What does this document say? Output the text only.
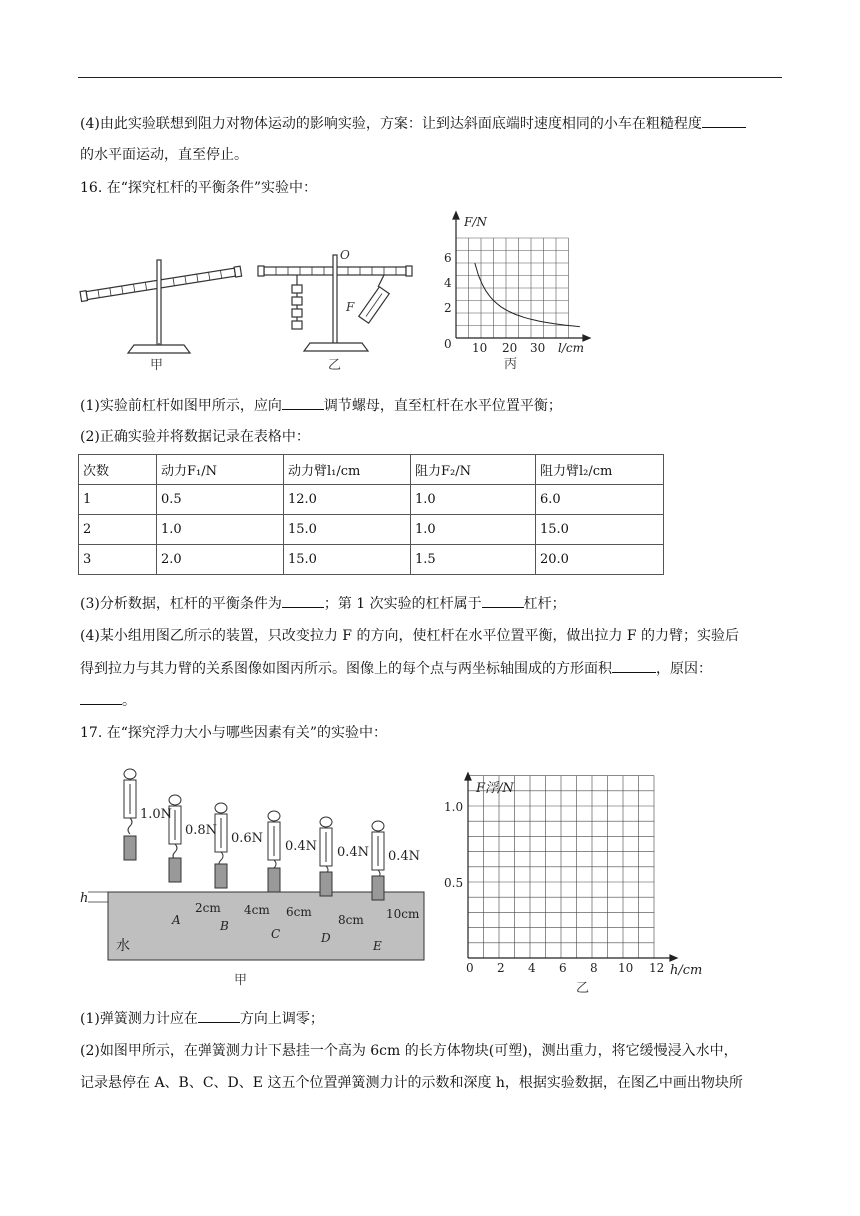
(4)由此实验联想到阻力对物体运动的影响实验，方案：让到达斜面底端时速度相同的小车在粗糙程度
的水平面运动，直至停止。
16. 在“探究杠杆的平衡条件”实验中：
甲
O
F
乙
F/N
6
4
2
0 10 20 30 l/cm
丙
(1)实验前杠杆如图甲所示，应向	调节螺母，直至杠杆在水平位置平衡；
(2)正确实验并将数据记录在表格中：
次数	动力F₁/N	动力臂l₁/cm	阻力F₂/N	阻力臂l₂/cm
1	0.5	12.0	1.0	6.0
2	1.0	15.0	1.0	15.0
3	2.0	15.0	1.5	20.0
(3)分析数据，杠杆的平衡条件为	；第 1 次实验的杠杆属于	杠杆；
(4)某小组用图乙所示的装置，只改变拉力 F 的方向，使杠杆在水平位置平衡，做出拉力 F 的力臂；实验后
得到拉力与其力臂的关系图像如图丙所示。图像上的每个点与两坐标轴围成的方形面积	，原因：
。
17. 在“探究浮力大小与哪些因素有关”的实验中：
h
水
1.0N
0.8N
0.6N
0.4N 0.4N 0.4N
2cm 4cm 6cm
8cm 10cm
A	B
C	D
E
甲
F浮/N
1.0
0.5
0 2 4 6 8 10 12 h/cm
乙
(1)弹簧测力计应在	方向上调零；
(2)如图甲所示，在弹簧测力计下悬挂一个高为 6cm 的长方体物块(可塑)，测出重力，将它缓慢浸入水中，
记录悬停在 A、B、C、D、E 这五个位置弹簧测力计的示数和深度 h，根据实验数据，在图乙中画出物块所
